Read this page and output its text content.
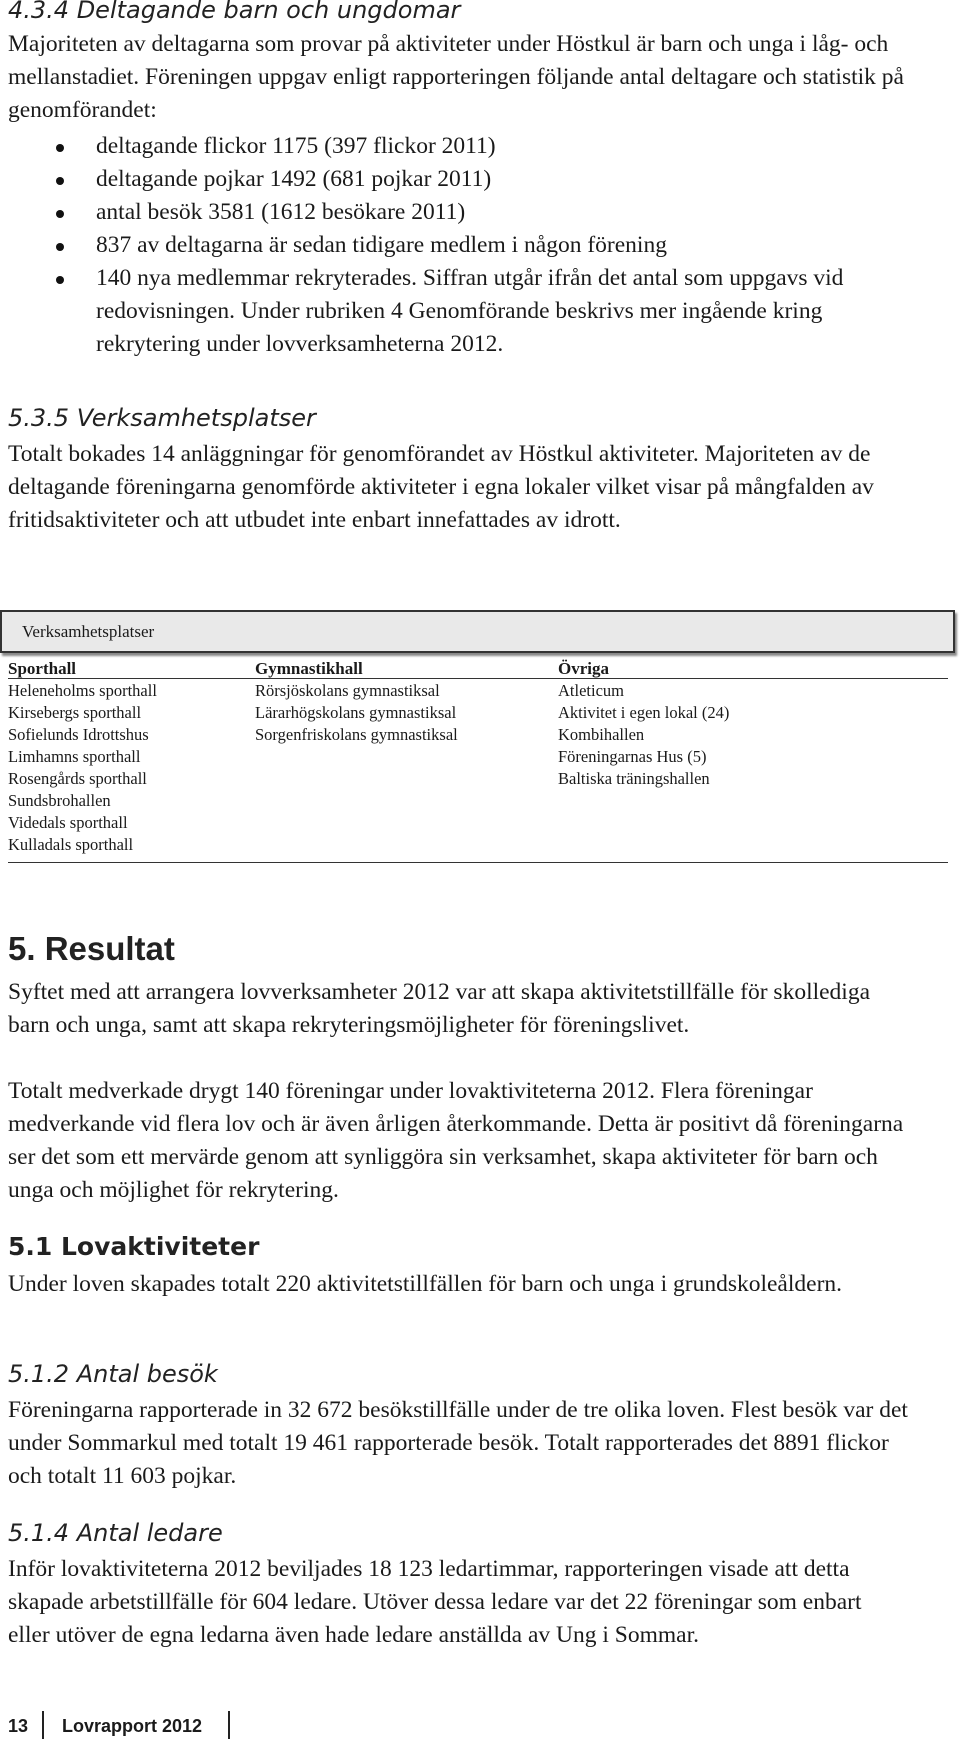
4.3.4 Deltagande barn och ungdomar

Majoriteten av deltagarna som provar på aktiviteter under Höstkul är barn och unga i låg- och mellanstadiet. Föreningen uppgav enligt rapporteringen följande antal deltagare och statistik på genomförandet:

deltagande flickor 1175 (397 flickor 2011)
deltagande pojkar 1492 (681 pojkar 2011)
antal besök 3581 (1612 besökare 2011)
837 av deltagarna är sedan tidigare medlem i någon förening
140 nya medlemmar rekryterades. Siffran utgår ifrån det antal som uppgavs vid redovisningen. Under rubriken 4 Genomförande beskrivs mer ingående kring rekrytering under lovverksamheterna 2012.
5.3.5 Verksamhetsplatser

Totalt bokades 14 anläggningar för genomförandet av Höstkul aktiviteter. Majoriteten av de deltagande föreningarna genomförde aktiviteter i egna lokaler vilket visar på mångfalden av fritidsaktiviteter och att utbudet inte enbart innefattades av idrott.

Verksamhetsplatser
Sporthall
Heleneholms sporthall
Kirsebergs sporthall
Sofielunds Idrottshus
Limhamns sporthall
Rosengårds sporthall
Sundsbrohallen
Videdals sporthall
Kulladals sporthall
Gymnastikhall
Rörsjöskolans gymnastiksal
Lärarhögskolans gymnastiksal
Sorgenfriskolans gymnastiksal
Övriga
Atleticum
Aktivitet i egen lokal (24)
Kombihallen
Föreningarnas Hus (5)
Baltiska träningshallen
5. Resultat

Syftet med att arrangera lovverksamheter 2012 var att skapa aktivitetstillfälle för skollediga barn och unga, samt att skapa rekryteringsmöjligheter för föreningslivet.

Totalt medverkade drygt 140 föreningar under lovaktiviteterna 2012. Flera föreningar medverkande vid flera lov och är även årligen återkommande. Detta är positivt då föreningarna ser det som ett mervärde genom att synliggöra sin verksamhet, skapa aktiviteter för barn och unga och möjlighet för rekrytering.

5.1 Lovaktiviteter

Under loven skapades totalt 220 aktivitetstillfällen för barn och unga i grundskoleåldern.

5.1.2 Antal besök

Föreningarna rapporterade in 32 672 besökstillfälle under de tre olika loven. Flest besök var det under Sommarkul med totalt 19 461 rapporterade besök. Totalt rapporterades det 8891 flickor och totalt 11 603 pojkar.

5.1.4 Antal ledare

Inför lovaktiviteterna 2012 beviljades 18 123 ledartimmar, rapporteringen visade att detta skapade arbetstillfälle för 604 ledare. Utöver dessa ledare var det 22 föreningar som enbart eller utöver de egna ledarna även hade ledare anställda av Ung i Sommar.

13 Lovrapport 2012
